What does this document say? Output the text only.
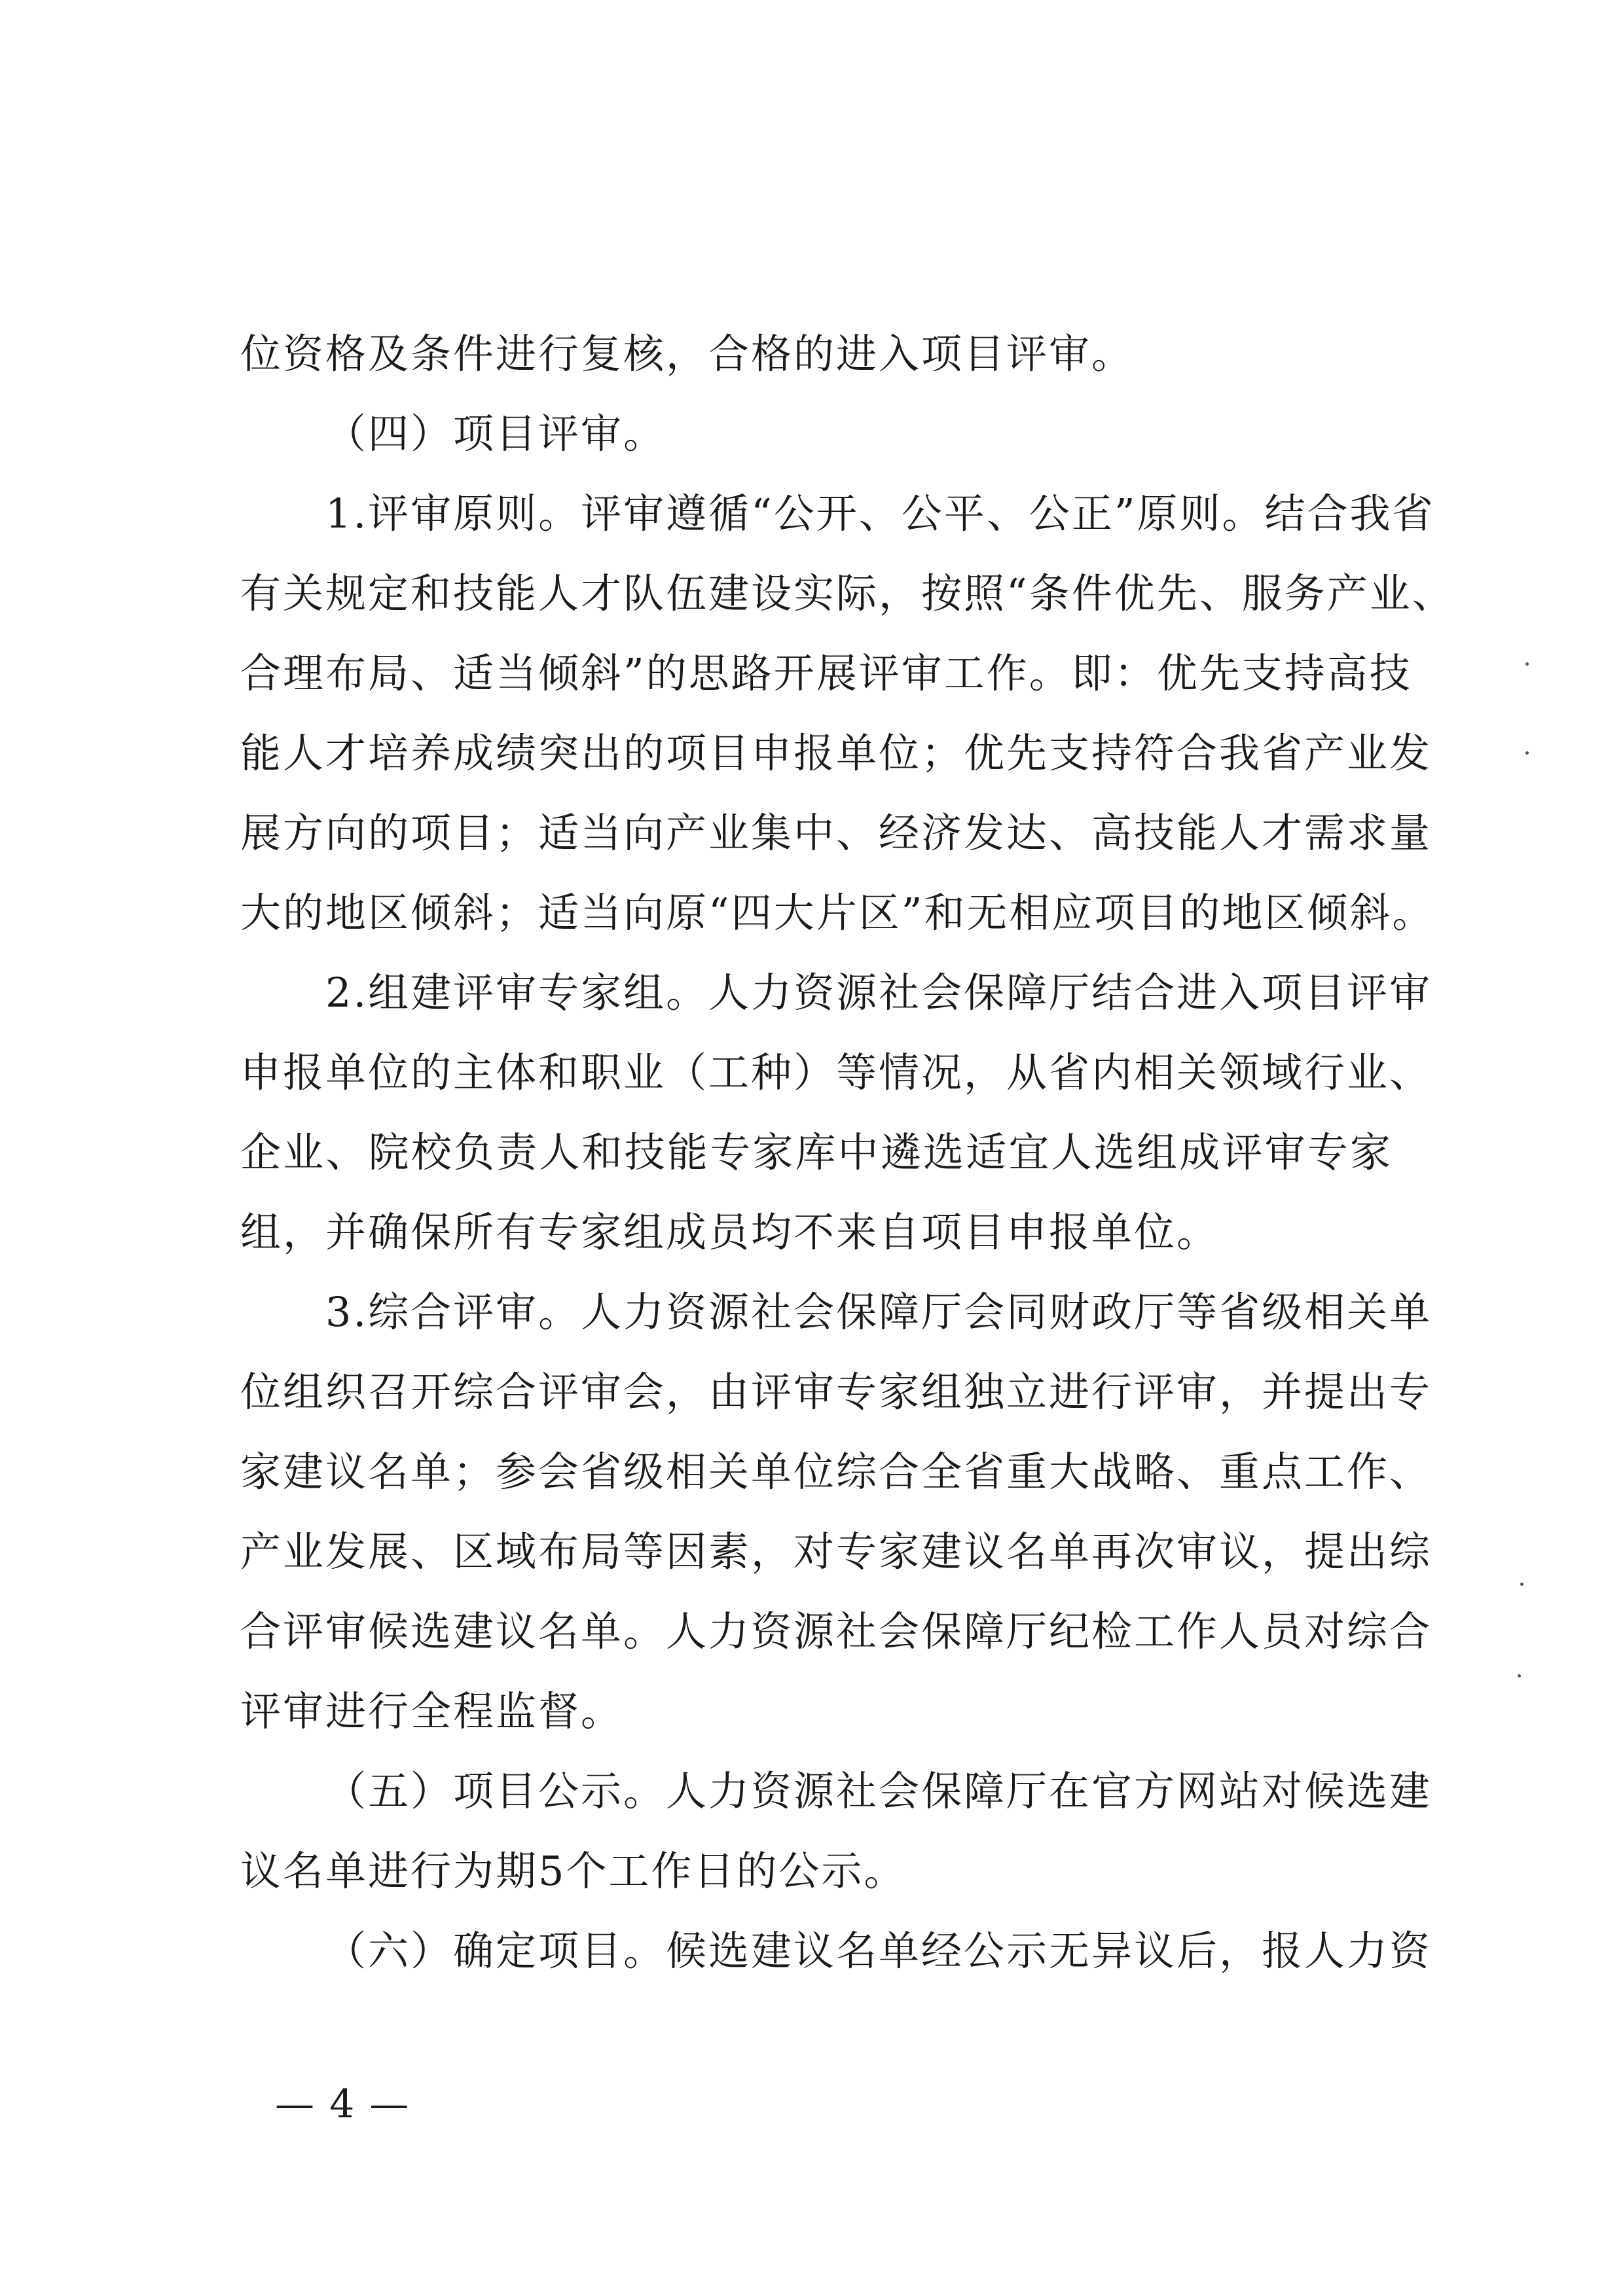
位资格及条件进行复核，合格的进入项目评审。
（四）项目评审。
1.评审原则。评审遵循“公开、公平、公正”原则。结合我省
有关规定和技能人才队伍建设实际，按照“条件优先、服务产业、
合理布局、适当倾斜”的思路开展评审工作。即：优先支持高技
能人才培养成绩突出的项目申报单位；优先支持符合我省产业发
展方向的项目；适当向产业集中、经济发达、高技能人才需求量
大的地区倾斜；适当向原“四大片区”和无相应项目的地区倾斜。
2.组建评审专家组。人力资源社会保障厅结合进入项目评审
申报单位的主体和职业（工种）等情况，从省内相关领域行业、
企业、院校负责人和技能专家库中遴选适宜人选组成评审专家
组，并确保所有专家组成员均不来自项目申报单位。
3.综合评审。人力资源社会保障厅会同财政厅等省级相关单
位组织召开综合评审会，由评审专家组独立进行评审，并提出专
家建议名单；参会省级相关单位综合全省重大战略、重点工作、
产业发展、区域布局等因素，对专家建议名单再次审议，提出综
合评审候选建议名单。人力资源社会保障厅纪检工作人员对综合
评审进行全程监督。
（五）项目公示。人力资源社会保障厅在官方网站对候选建
议名单进行为期5个工作日的公示。
（六）确定项目。候选建议名单经公示无异议后，报人力资
— 4 —
